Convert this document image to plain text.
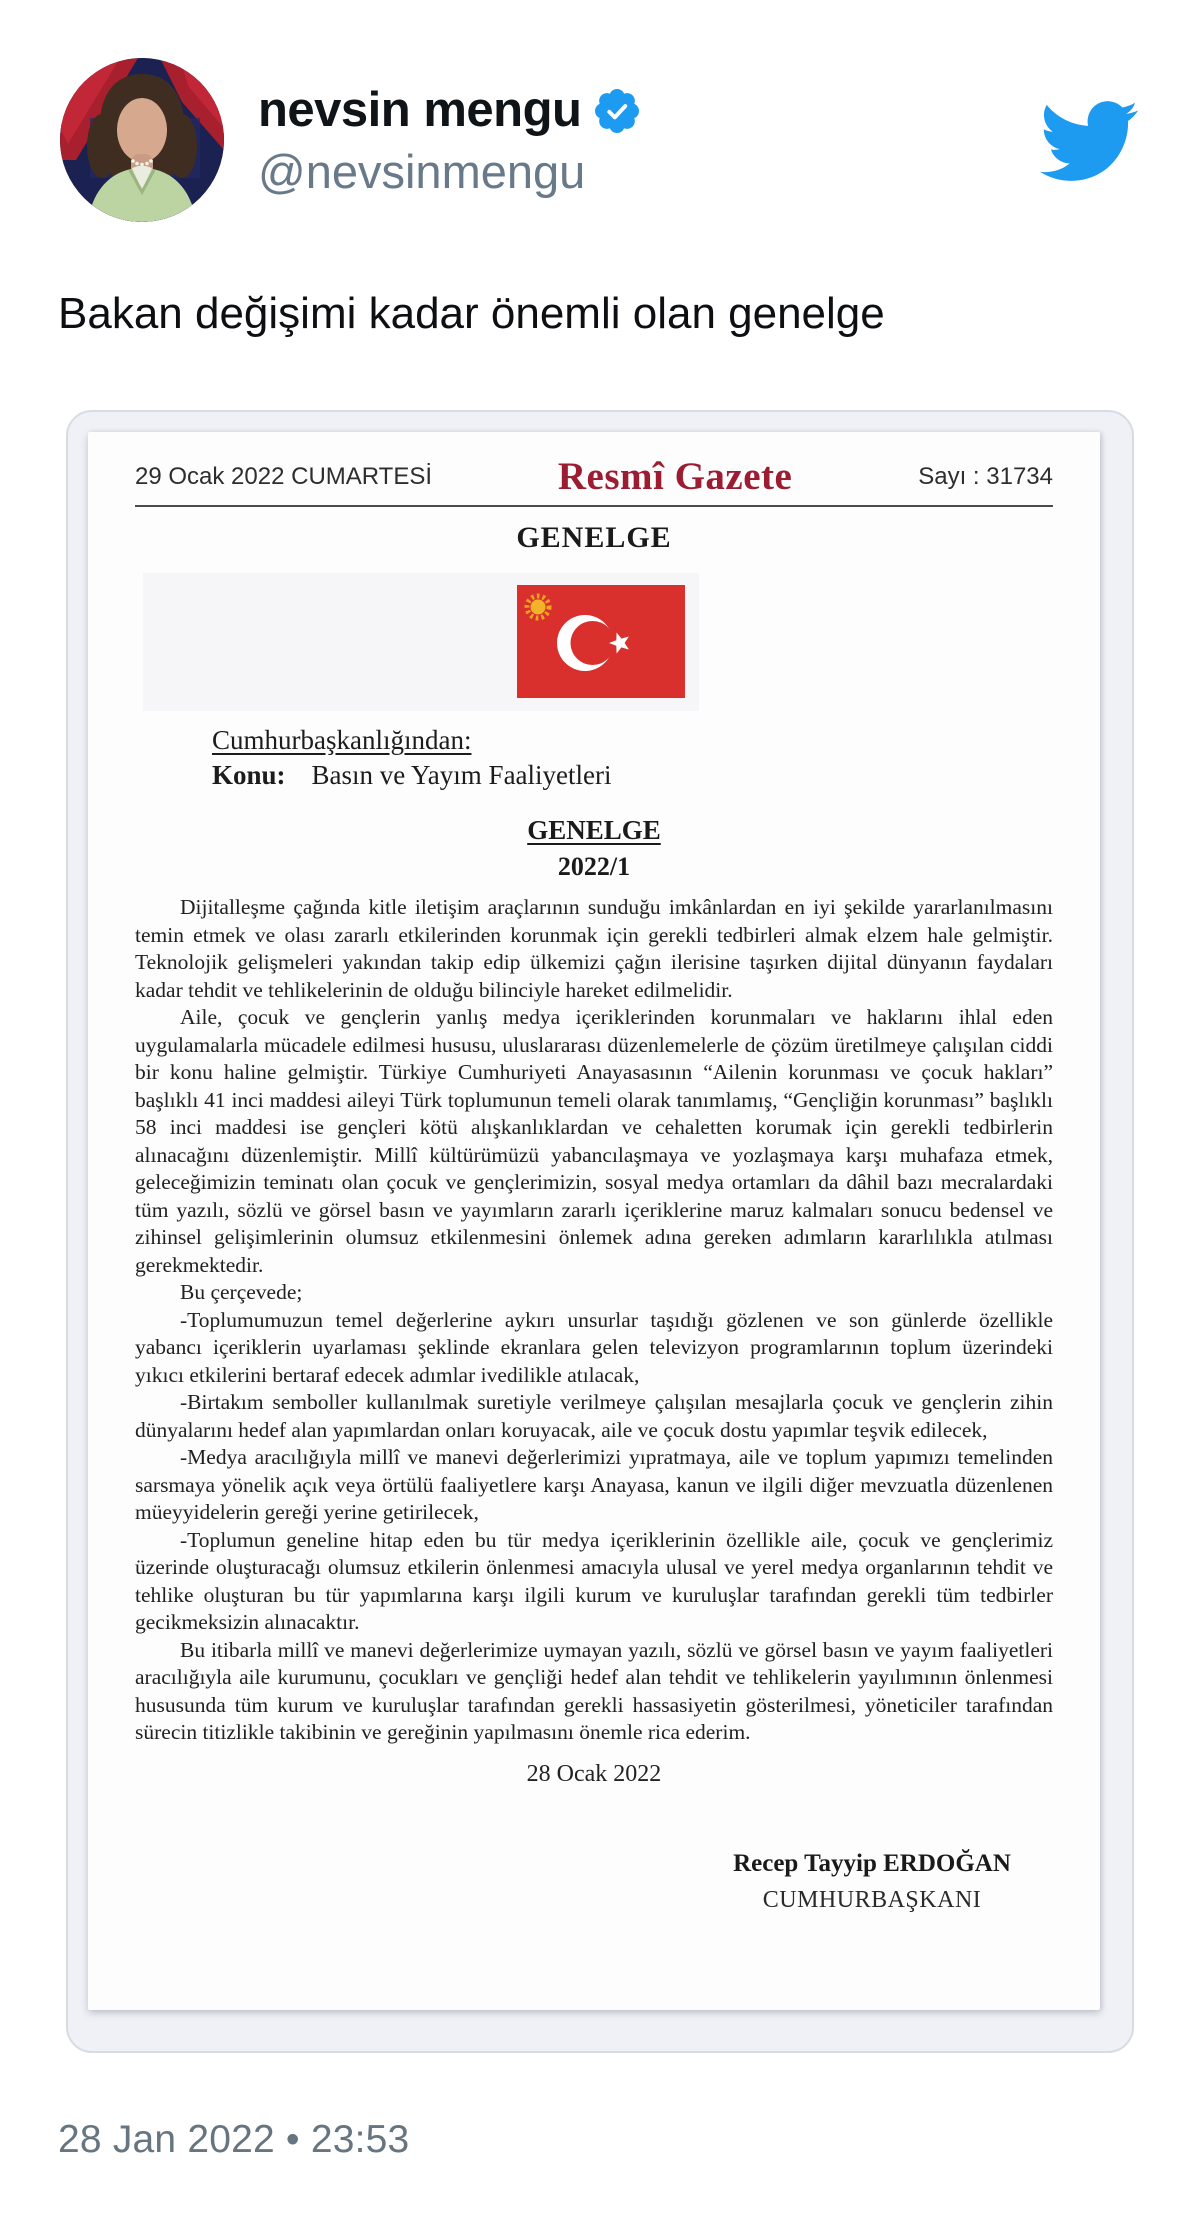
nevsin mengu
@nevsinmengu
Bakan değişimi kadar önemli olan genelge
29 Ocak 2022 CUMARTESİ	Resmî Gazete	Sayı : 31734
GENELGE
Cumhurbaşkanlığından:
Konu: Basın ve Yayım Faaliyetleri
GENELGE
2022/1

Dijitalleşme çağında kitle iletişim araçlarının sunduğu imkânlardan en iyi şekilde yararlanılmasını temin etmek ve olası zararlı etkilerinden korunmak için gerekli tedbirleri almak elzem hale gelmiştir. Teknolojik gelişmeleri yakından takip edip ülkemizi çağın ilerisine taşırken dijital dünyanın faydaları kadar tehdit ve tehlikelerinin de olduğu bilinciyle hareket edilmelidir.

Aile, çocuk ve gençlerin yanlış medya içeriklerinden korunmaları ve haklarını ihlal eden uygulamalarla mücadele edilmesi hususu, uluslararası düzenlemelerle de çözüm üretilmeye çalışılan ciddi bir konu haline gelmiştir. Türkiye Cumhuriyeti Anayasasının “Ailenin korunması ve çocuk hakları” başlıklı 41 inci maddesi aileyi Türk toplumunun temeli olarak tanımlamış, “Gençliğin korunması” başlıklı 58 inci maddesi ise gençleri kötü alışkanlıklardan ve cehaletten korumak için gerekli tedbirlerin alınacağını düzenlemiştir. Millî kültürümüzü yabancılaşmaya ve yozlaşmaya karşı muhafaza etmek, geleceğimizin teminatı olan çocuk ve gençlerimizin, sosyal medya ortamları da dâhil bazı mecralardaki tüm yazılı, sözlü ve görsel basın ve yayımların zararlı içeriklerine maruz kalmaları sonucu bedensel ve zihinsel gelişimlerinin olumsuz etkilenmesini önlemek adına gereken adımların kararlılıkla atılması gerekmektedir.

Bu çerçevede;

-Toplumumuzun temel değerlerine aykırı unsurlar taşıdığı gözlenen ve son günlerde özellikle yabancı içeriklerin uyarlaması şeklinde ekranlara gelen televizyon programlarının toplum üzerindeki yıkıcı etkilerini bertaraf edecek adımlar ivedilikle atılacak,

-Birtakım semboller kullanılmak suretiyle verilmeye çalışılan mesajlarla çocuk ve gençlerin zihin dünyalarını hedef alan yapımlardan onları koruyacak, aile ve çocuk dostu yapımlar teşvik edilecek,

-Medya aracılığıyla millî ve manevi değerlerimizi yıpratmaya, aile ve toplum yapımızı temelinden sarsmaya yönelik açık veya örtülü faaliyetlere karşı Anayasa, kanun ve ilgili diğer mevzuatla düzenlenen müeyyidelerin gereği yerine getirilecek,

-Toplumun geneline hitap eden bu tür medya içeriklerinin özellikle aile, çocuk ve gençlerimiz üzerinde oluşturacağı olumsuz etkilerin önlenmesi amacıyla ulusal ve yerel medya organlarının tehdit ve tehlike oluşturan bu tür yapımlarına karşı ilgili kurum ve kuruluşlar tarafından gerekli tüm tedbirler gecikmeksizin alınacaktır.

Bu itibarla millî ve manevi değerlerimize uymayan yazılı, sözlü ve görsel basın ve yayım faaliyetleri aracılığıyla aile kurumunu, çocukları ve gençliği hedef alan tehdit ve tehlikelerin yayılımının önlenmesi hususunda tüm kurum ve kuruluşlar tarafından gerekli hassasiyetin gösterilmesi, yöneticiler tarafından sürecin titizlikle takibinin ve gereğinin yapılmasını önemle rica ederim.

28 Ocak 2022
Recep Tayyip ERDOĞAN
CUMHURBAŞKANI
28 Jan 2022 • 23:53
